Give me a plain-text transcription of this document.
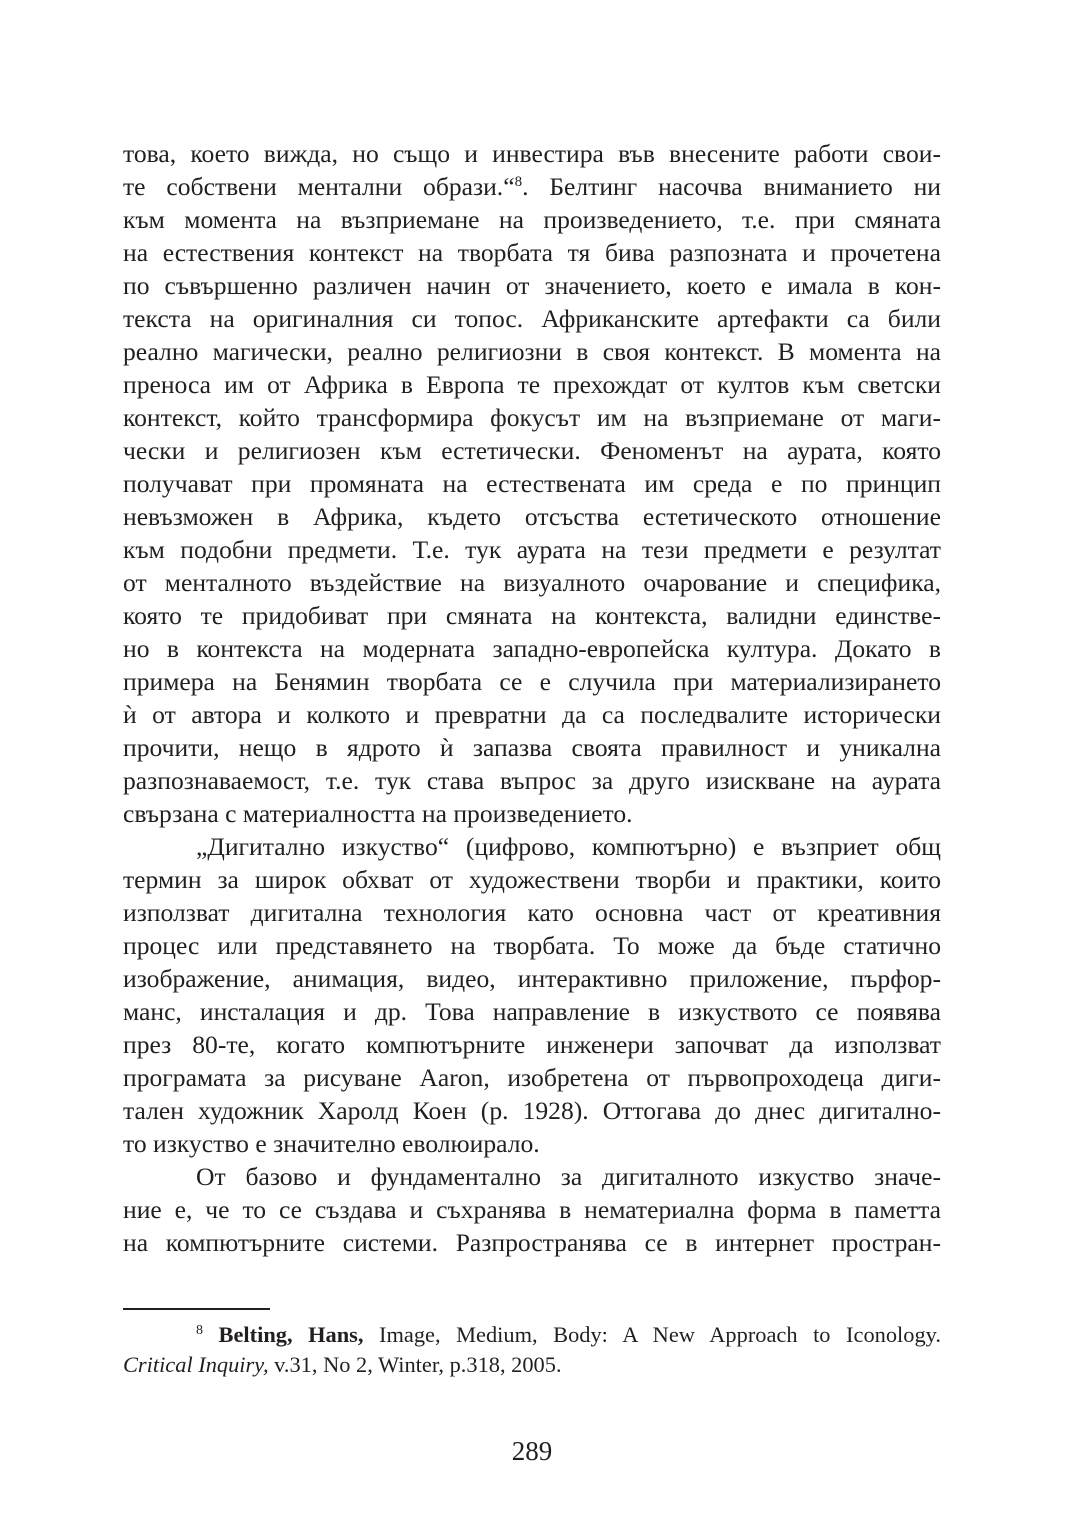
това, което вижда, но също и инвестира във внесените работи свои-
те собствени ментални образи.“$^8$. Белтинг насочва вниманието ни
към момента на възприемане на произведението, т.е. при смяната
на естествения контекст на творбата тя бива разпозната и прочетена
по съвършенно различен начин от значението, което е имала в кон-
текста на оригиналния си топос. Африканските артефакти са били
реално магически, реално религиозни в своя контекст. В момента на
преноса им от Африка в Европа те прехождат от култов към светски
контекст, който трансформира фокусът им на възприемане от маги-
чески и религиозен към естетически. Феноменът на аурата, която
получават при промяната на естествената им среда е по принцип
невъзможен в Африка, където отсъства естетическото отношение
към подобни предмети. Т.е. тук аурата на тези предмети е резултат
от менталното въздействие на визуалното очарование и специфика,
която те придобиват при смяната на контекста, валидни единстве-
но в контекста на модерната западно-европейска култура. Докато в
примера на Бенямин творбата се е случила при материализирането
ѝ от автора и колкото и превратни да са последвалите исторически
прочити, нещо в ядрото ѝ запазва своята правилност и уникална
разпознаваемост, т.е. тук става въпрос за друго изискване на аурата
свързана с материалността на произведението.
„Дигитално изкуство“ (цифрово, компютърно) е възприет общ
термин за широк обхват от художествени творби и практики, които
използват дигитална технология като основна част от креативния
процес или представянето на творбата. То може да бъде статично
изображение, анимация, видео, интерактивно приложение, пърфор-
манс, инсталация и др. Това направление в изкуството се появява
през 80-те, когато компютърните инженери започват да използват
програмата за рисуване Aaron, изобретена от първопроходеца диги-
тален художник Харолд Коен (р. 1928). Оттогава до днес дигитално-
то изкуство е значително еволюирало.
От базово и фундаментално за дигиталното изкуство значе-
ние е, че то се създава и съхранява в нематериална форма в паметта
на компютърните системи. Разпространява се в интернет простран-
$^8$ Belting, Hans, Image, Medium, Body: A New Approach to Iconology.
Critical Inquiry, v.31, No 2, Winter, p.318, 2005.
289
